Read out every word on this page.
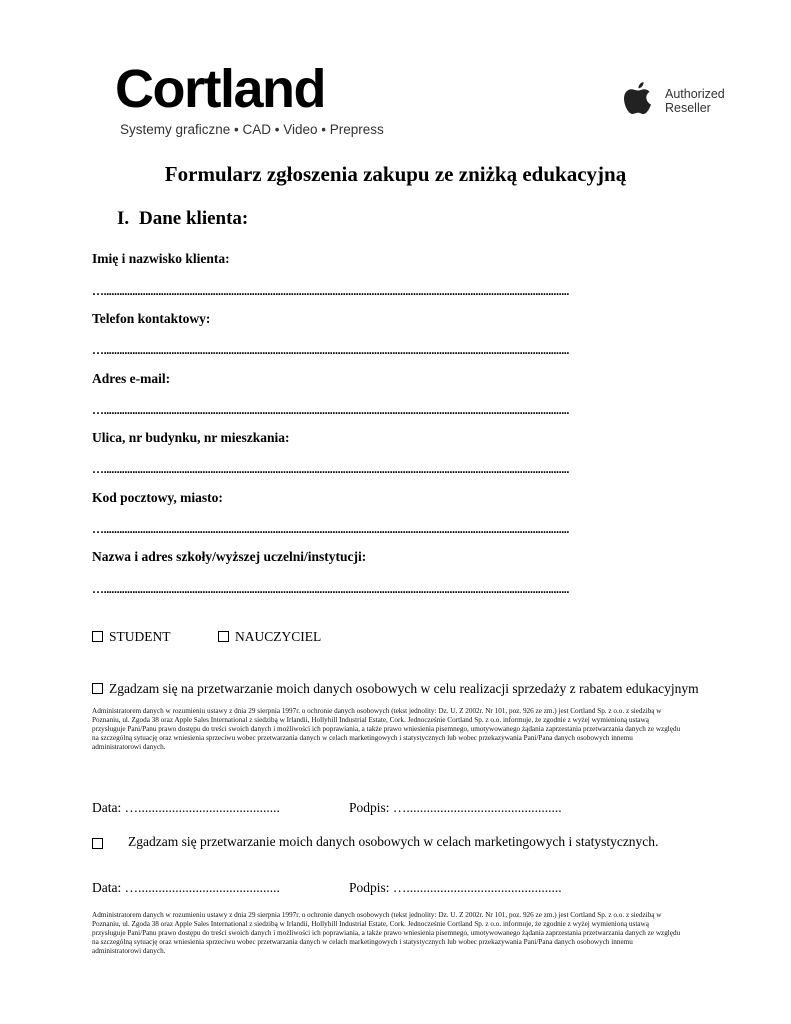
Cortland
Systemy graficzne • CAD • Video • Prepress
Authorized
Reseller
Formularz zgłoszenia zakupu ze zniżką edukacyjną
I. Dane klienta:
Imię i nazwisko klienta:
…...................................................................................................................................................................................
Telefon kontaktowy:
…...................................................................................................................................................................................
Adres e-mail:
…...................................................................................................................................................................................
Ulica, nr budynku, nr mieszkania:
…...................................................................................................................................................................................
Kod pocztowy, miasto:
…...................................................................................................................................................................................
Nazwa i adres szkoły/wyższej uczelni/instytucji:
…...................................................................................................................................................................................
STUDENT	NAUCZYCIEL
Zgadzam się na przetwarzanie moich danych osobowych w celu realizacji sprzedaży z rabatem edukacyjnym
Administratorem danych w rozumieniu ustawy z dnia 29 sierpnia 1997r. o ochronie danych osobowych (tekst jednolity: Dz. U. Z 2002r. Nr 101, poz. 926 ze zm.) jest Cortland Sp. z o.o. z siedzibą w Poznaniu, ul. Zgoda 38 oraz Apple Sales International z siedzibą w Irlandii, Hollyhill Industrial Estate, Cork. Jednocześnie Cortland Sp. z o.o. informuje, że zgodnie z wyżej wymienioną ustawą przysługuje Pani/Panu prawo dostępu do treści swoich danych i możliwości ich poprawiania, a także prawo wniesienia pisemnego, umotywowanego żądania zaprzestania przetwarzania danych ze względu na szczególną sytuację oraz wniesienia sprzeciwu wobec przetwarzania danych w celach marketingowych i statystycznych lub wobec przekazywania Pani/Pana danych osobowych innemu administratorowi danych.
Data: …..........................................	Podpis: …..............................................
Zgadzam się przetwarzanie moich danych osobowych w celach marketingowych i statystycznych.
Data: …..........................................	Podpis: …..............................................
Administratorem danych w rozumieniu ustawy z dnia 29 sierpnia 1997r. o ochronie danych osobowych (tekst jednolity: Dz. U. Z 2002r. Nr 101, poz. 926 ze zm.) jest Cortland Sp. z o.o. z siedzibą w Poznaniu, ul. Zgoda 38 oraz Apple Sales International z siedzibą w Irlandii, Hollyhill Industrial Estate, Cork. Jednocześnie Cortland Sp. z o.o. informuje, że zgodnie z wyżej wymienioną ustawą przysługuje Pani/Panu prawo dostępu do treści swoich danych i możliwości ich poprawiania, a także prawo wniesienia pisemnego, umotywowanego żądania zaprzestania przetwarzania danych ze względu na szczególną sytuację oraz wniesienia sprzeciwu wobec przetwarzania danych w celach marketingowych i statystycznych lub wobec przekazywania Pani/Pana danych osobowych innemu administratorowi danych.
